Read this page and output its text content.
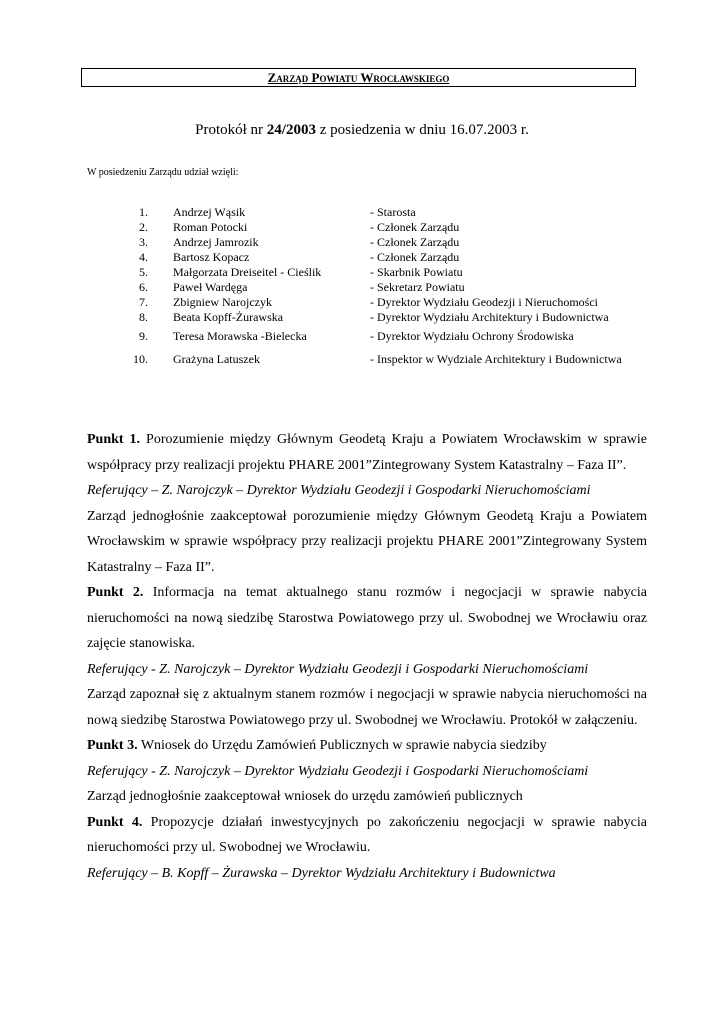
Zarząd Powiatu Wrocławskiego
Protokół nr 24/2003 z posiedzenia w dniu 16.07.2003 r.
W posiedzeniu Zarządu udział wzięli:
1. Andrzej Wąsik	- Starosta
2. Roman Potocki	- Członek Zarządu
3. Andrzej Jamrozik	- Członek Zarządu
4. Bartosz Kopacz	- Członek Zarządu
5. Małgorzata Dreiseitel - Cieślik	- Skarbnik Powiatu
6. Paweł Wardęga	- Sekretarz Powiatu
7. Zbigniew Narojczyk	- Dyrektor Wydziału Geodezji i Nieruchomości
8. Beata Kopff-Żurawska	- Dyrektor Wydziału Architektury i Budownictwa
9. Teresa Morawska -Bielecka	- Dyrektor Wydziału Ochrony Środowiska
10. Grażyna Latuszek	- Inspektor w Wydziale Architektury i Budownictwa

Punkt 1. Porozumienie między Głównym Geodetą Kraju a Powiatem Wrocławskim w sprawie współpracy przy realizacji projektu PHARE 2001”Zintegrowany System Katastralny – Faza II”.

Referujący – Z. Narojczyk – Dyrektor Wydziału Geodezji i Gospodarki Nieruchomościami

Zarząd jednogłośnie zaakceptował porozumienie między Głównym Geodetą Kraju a Powiatem Wrocławskim w sprawie współpracy przy realizacji projektu PHARE 2001”Zintegrowany System Katastralny – Faza II”.

Punkt 2. Informacja na temat aktualnego stanu rozmów i negocjacji w sprawie nabycia nieruchomości na nową siedzibę Starostwa Powiatowego przy ul. Swobodnej we Wrocławiu oraz zajęcie stanowiska.

Referujący - Z. Narojczyk – Dyrektor Wydziału Geodezji i Gospodarki Nieruchomościami

Zarząd zapoznał się z aktualnym stanem rozmów i negocjacji w sprawie nabycia nieruchomości na nową siedzibę Starostwa Powiatowego przy ul. Swobodnej we Wrocławiu. Protokół w załączeniu.

Punkt 3. Wniosek do Urzędu Zamówień Publicznych w sprawie nabycia siedziby

Referujący - Z. Narojczyk – Dyrektor Wydziału Geodezji i Gospodarki Nieruchomościami

Zarząd jednogłośnie zaakceptował wniosek do urzędu zamówień publicznych

Punkt 4. Propozycje działań inwestycyjnych po zakończeniu negocjacji w sprawie nabycia nieruchomości przy ul. Swobodnej we Wrocławiu.

Referujący – B. Kopff – Żurawska – Dyrektor Wydziału Architektury i Budownictwa
